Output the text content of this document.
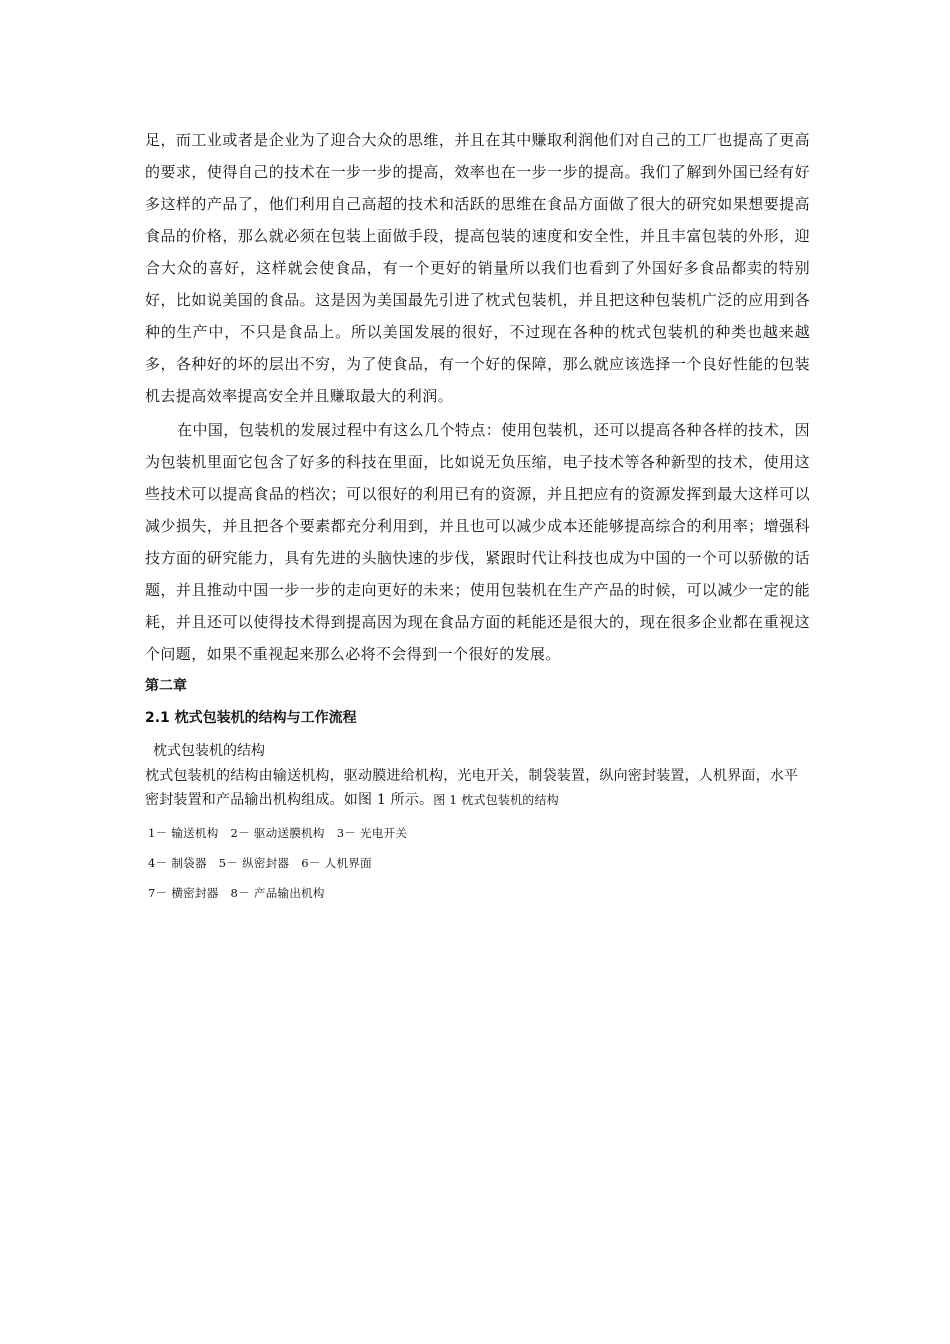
足，而工业或者是企业为了迎合大众的思维，并且在其中赚取利润他们对自己的工厂也提高了更高的要求，使得自己的技术在一步一步的提高，效率也在一步一步的提高。我们了解到外国已经有好多这样的产品了，他们利用自己高超的技术和活跃的思维在食品方面做了很大的研究如果想要提高食品的价格，那么就必须在包装上面做手段，提高包装的速度和安全性，并且丰富包装的外形，迎合大众的喜好，这样就会使食品，有一个更好的销量所以我们也看到了外国好多食品都卖的特别好，比如说美国的食品。这是因为美国最先引进了枕式包装机，并且把这种包装机广泛的应用到各种的生产中，不只是食品上。所以美国发展的很好，不过现在各种的枕式包装机的种类也越来越多，各种好的坏的层出不穷，为了使食品，有一个好的保障，那么就应该选择一个良好性能的包装机去提高效率提高安全并且赚取最大的利润。

在中国，包装机的发展过程中有这么几个特点：使用包装机，还可以提高各种各样的技术，因为包装机里面它包含了好多的科技在里面，比如说无负压缩，电子技术等各种新型的技术，使用这些技术可以提高食品的档次；可以很好的利用已有的资源，并且把应有的资源发挥到最大这样可以减少损失，并且把各个要素都充分利用到，并且也可以减少成本还能够提高综合的利用率；增强科技方面的研究能力，具有先进的头脑快速的步伐，紧跟时代让科技也成为中国的一个可以骄傲的话题，并且推动中国一步一步的走向更好的未来；使用包装机在生产产品的时候，可以减少一定的能耗，并且还可以使得技术得到提高因为现在食品方面的耗能还是很大的，现在很多企业都在重视这个问题，如果不重视起来那么必将不会得到一个很好的发展。

第二章
2.1 枕式包装机的结构与工作流程
枕式包装机的结构

枕式包装机的结构由输送机构，驱动膜进给机构，光电开关，制袋装置，纵向密封装置，人机界面，水平密封装置和产品输出机构组成。如图 1 所示。图 1 枕式包装机的结构

1－ 输送机构 2－ 驱动送膜机构 3－ 光电开关
4－ 制袋器 5－ 纵密封器 6－ 人机界面
7－ 横密封器 8－ 产品输出机构
